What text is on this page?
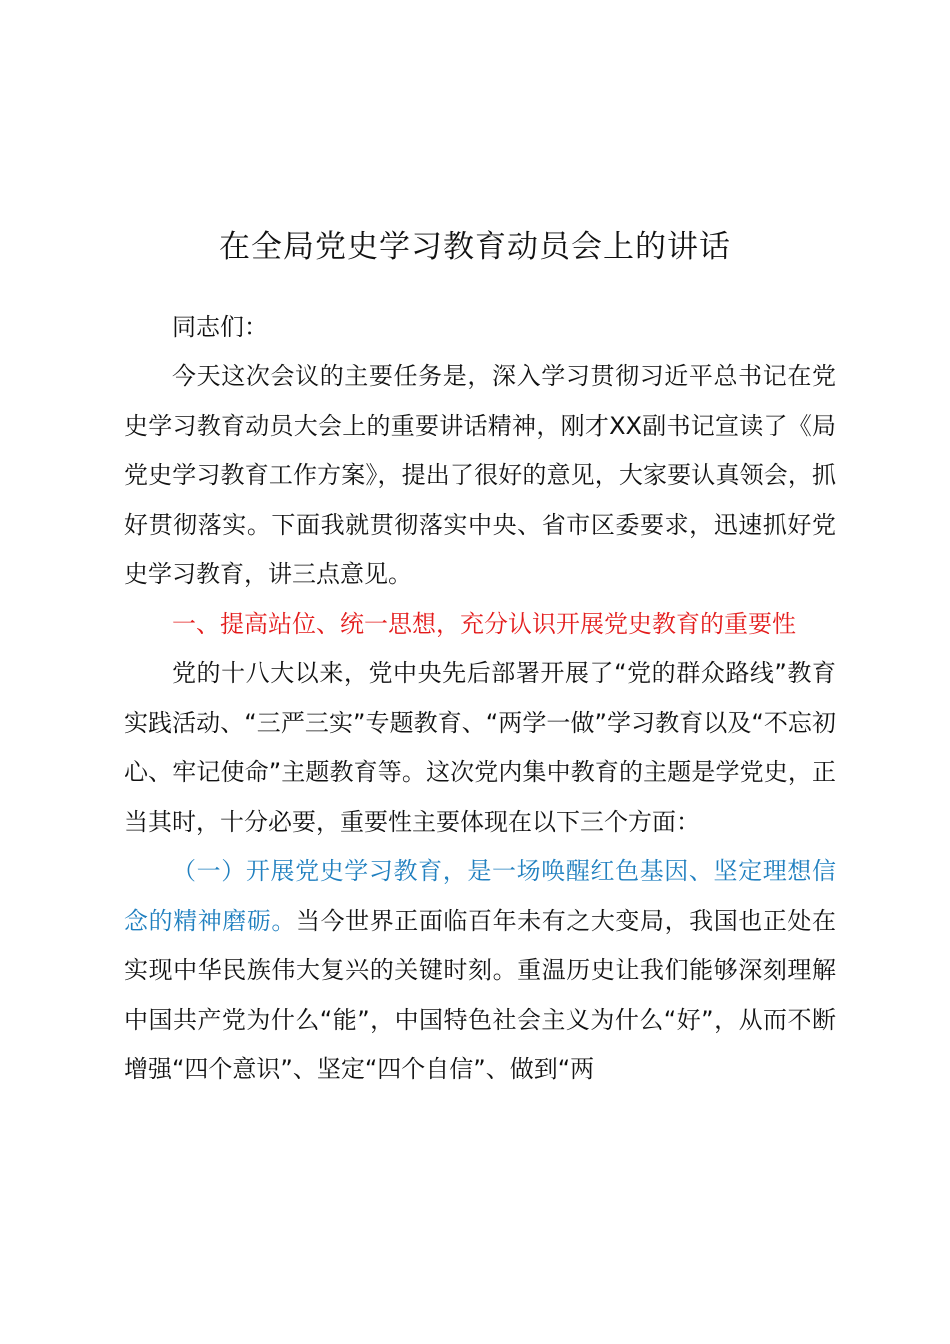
在全局党史学习教育动员会上的讲话
同志们：

今天这次会议的主要任务是，深入学习贯彻习近平总书记在党史学习教育动员大会上的重要讲话精神，刚才XX副书记宣读了《局党史学习教育工作方案》，提出了很好的意见，大家要认真领会，抓好贯彻落实。下面我就贯彻落实中央、省市区委要求，迅速抓好党史学习教育，讲三点意见。

一、提高站位、统一思想，充分认识开展党史教育的重要性

党的十八大以来，党中央先后部署开展了“党的群众路线”教育实践活动、“三严三实”专题教育、“两学一做”学习教育以及“不忘初心、牢记使命”主题教育等。这次党内集中教育的主题是学党史，正当其时，十分必要，重要性主要体现在以下三个方面：

（一）开展党史学习教育，是一场唤醒红色基因、坚定理想信念的精神磨砺。当今世界正面临百年未有之大变局，我国也正处在实现中华民族伟大复兴的关键时刻。重温历史让我们能够深刻理解中国共产党为什么“能”，中国特色社会主义为什么“好”，从而不断增强“四个意识”、坚定“四个自信”、做到“两
